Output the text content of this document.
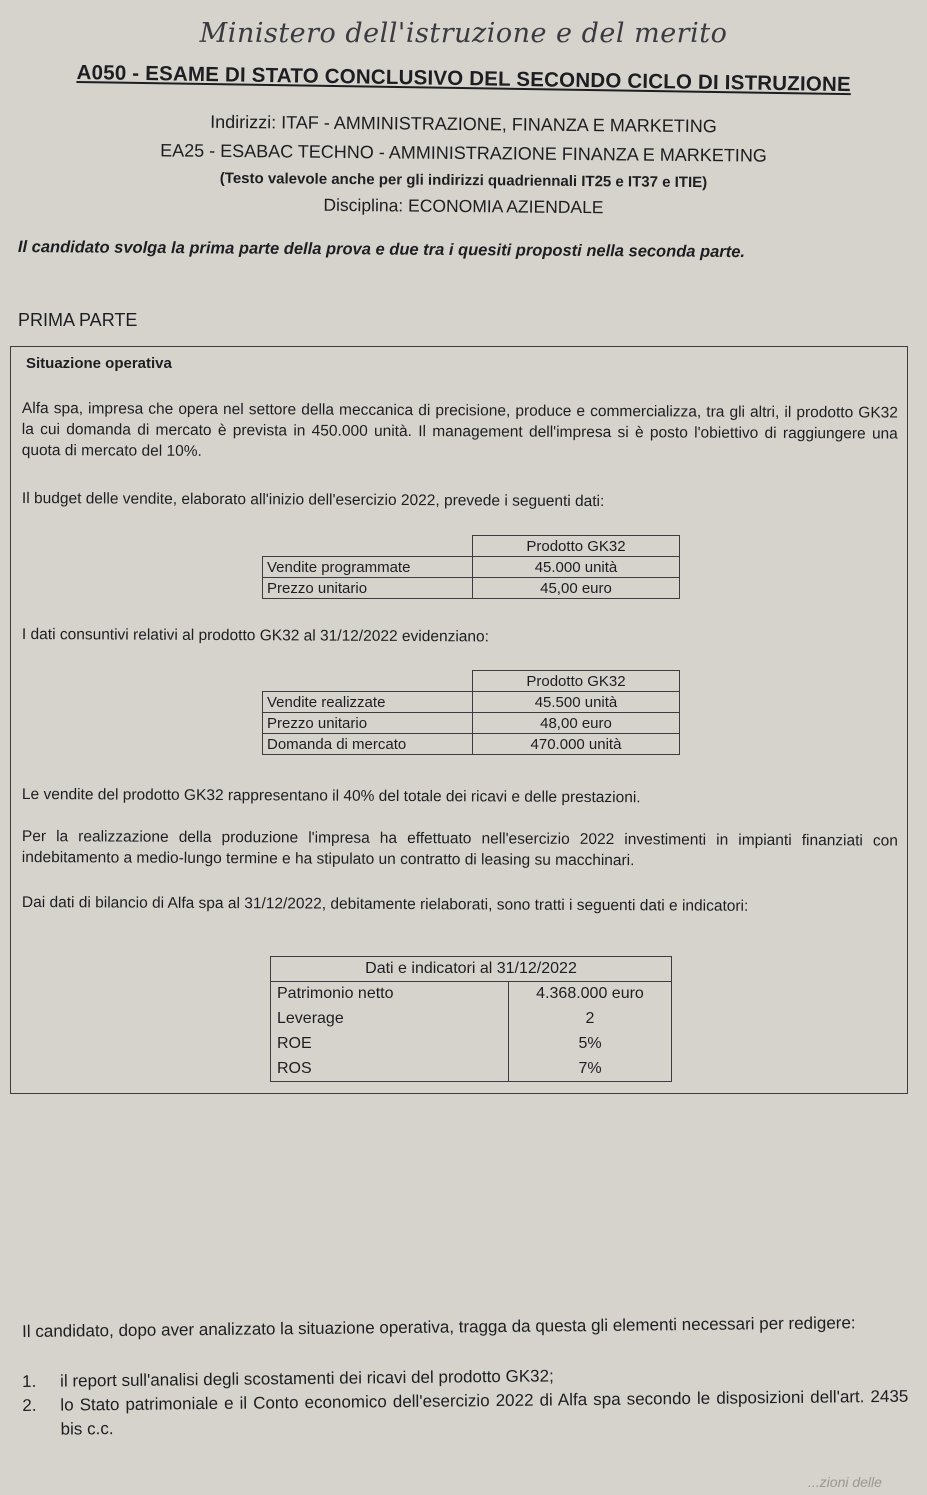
Ministero dell'istruzione e del merito
A050 - ESAME DI STATO CONCLUSIVO DEL SECONDO CICLO DI ISTRUZIONE
Indirizzi: ITAF - AMMINISTRAZIONE, FINANZA E MARKETING
EA25 - ESABAC TECHNO - AMMINISTRAZIONE FINANZA E MARKETING
(Testo valevole anche per gli indirizzi quadriennali IT25 e IT37 e ITIE)
Disciplina: ECONOMIA AZIENDALE
Il candidato svolga la prima parte della prova e due tra i quesiti proposti nella seconda parte.
PRIMA PARTE
Situazione operativa
Alfa spa, impresa che opera nel settore della meccanica di precisione, produce e commercializza, tra gli altri, il prodotto GK32 la cui domanda di mercato è prevista in 450.000 unità. Il management dell'impresa si è posto l'obiettivo di raggiungere una quota di mercato del 10%.
Il budget delle vendite, elaborato all'inizio dell'esercizio 2022, prevede i seguenti dati:
	Prodotto GK32
Vendite programmate	45.000 unità
Prezzo unitario	45,00 euro
I dati consuntivi relativi al prodotto GK32 al 31/12/2022 evidenziano:
	Prodotto GK32
Vendite realizzate	45.500 unità
Prezzo unitario	48,00 euro
Domanda di mercato	470.000 unità
Le vendite del prodotto GK32 rappresentano il 40% del totale dei ricavi e delle prestazioni.
Per la realizzazione della produzione l'impresa ha effettuato nell'esercizio 2022 investimenti in impianti finanziati con indebitamento a medio-lungo termine e ha stipulato un contratto di leasing su macchinari.
Dai dati di bilancio di Alfa spa al 31/12/2022, debitamente rielaborati, sono tratti i seguenti dati e indicatori:
Dati e indicatori al 31/12/2022	
Patrimonio netto	4.368.000 euro
Leverage	2
ROE	5%
ROS	7%
Il candidato, dopo aver analizzato la situazione operativa, tragga da questa gli elementi necessari per redigere:
1.	il report sull'analisi degli scostamenti dei ricavi del prodotto GK32;
2.	lo Stato patrimoniale e il Conto economico dell'esercizio 2022 di Alfa spa secondo le disposizioni dell'art. 2435 bis c.c.
...zioni delle
